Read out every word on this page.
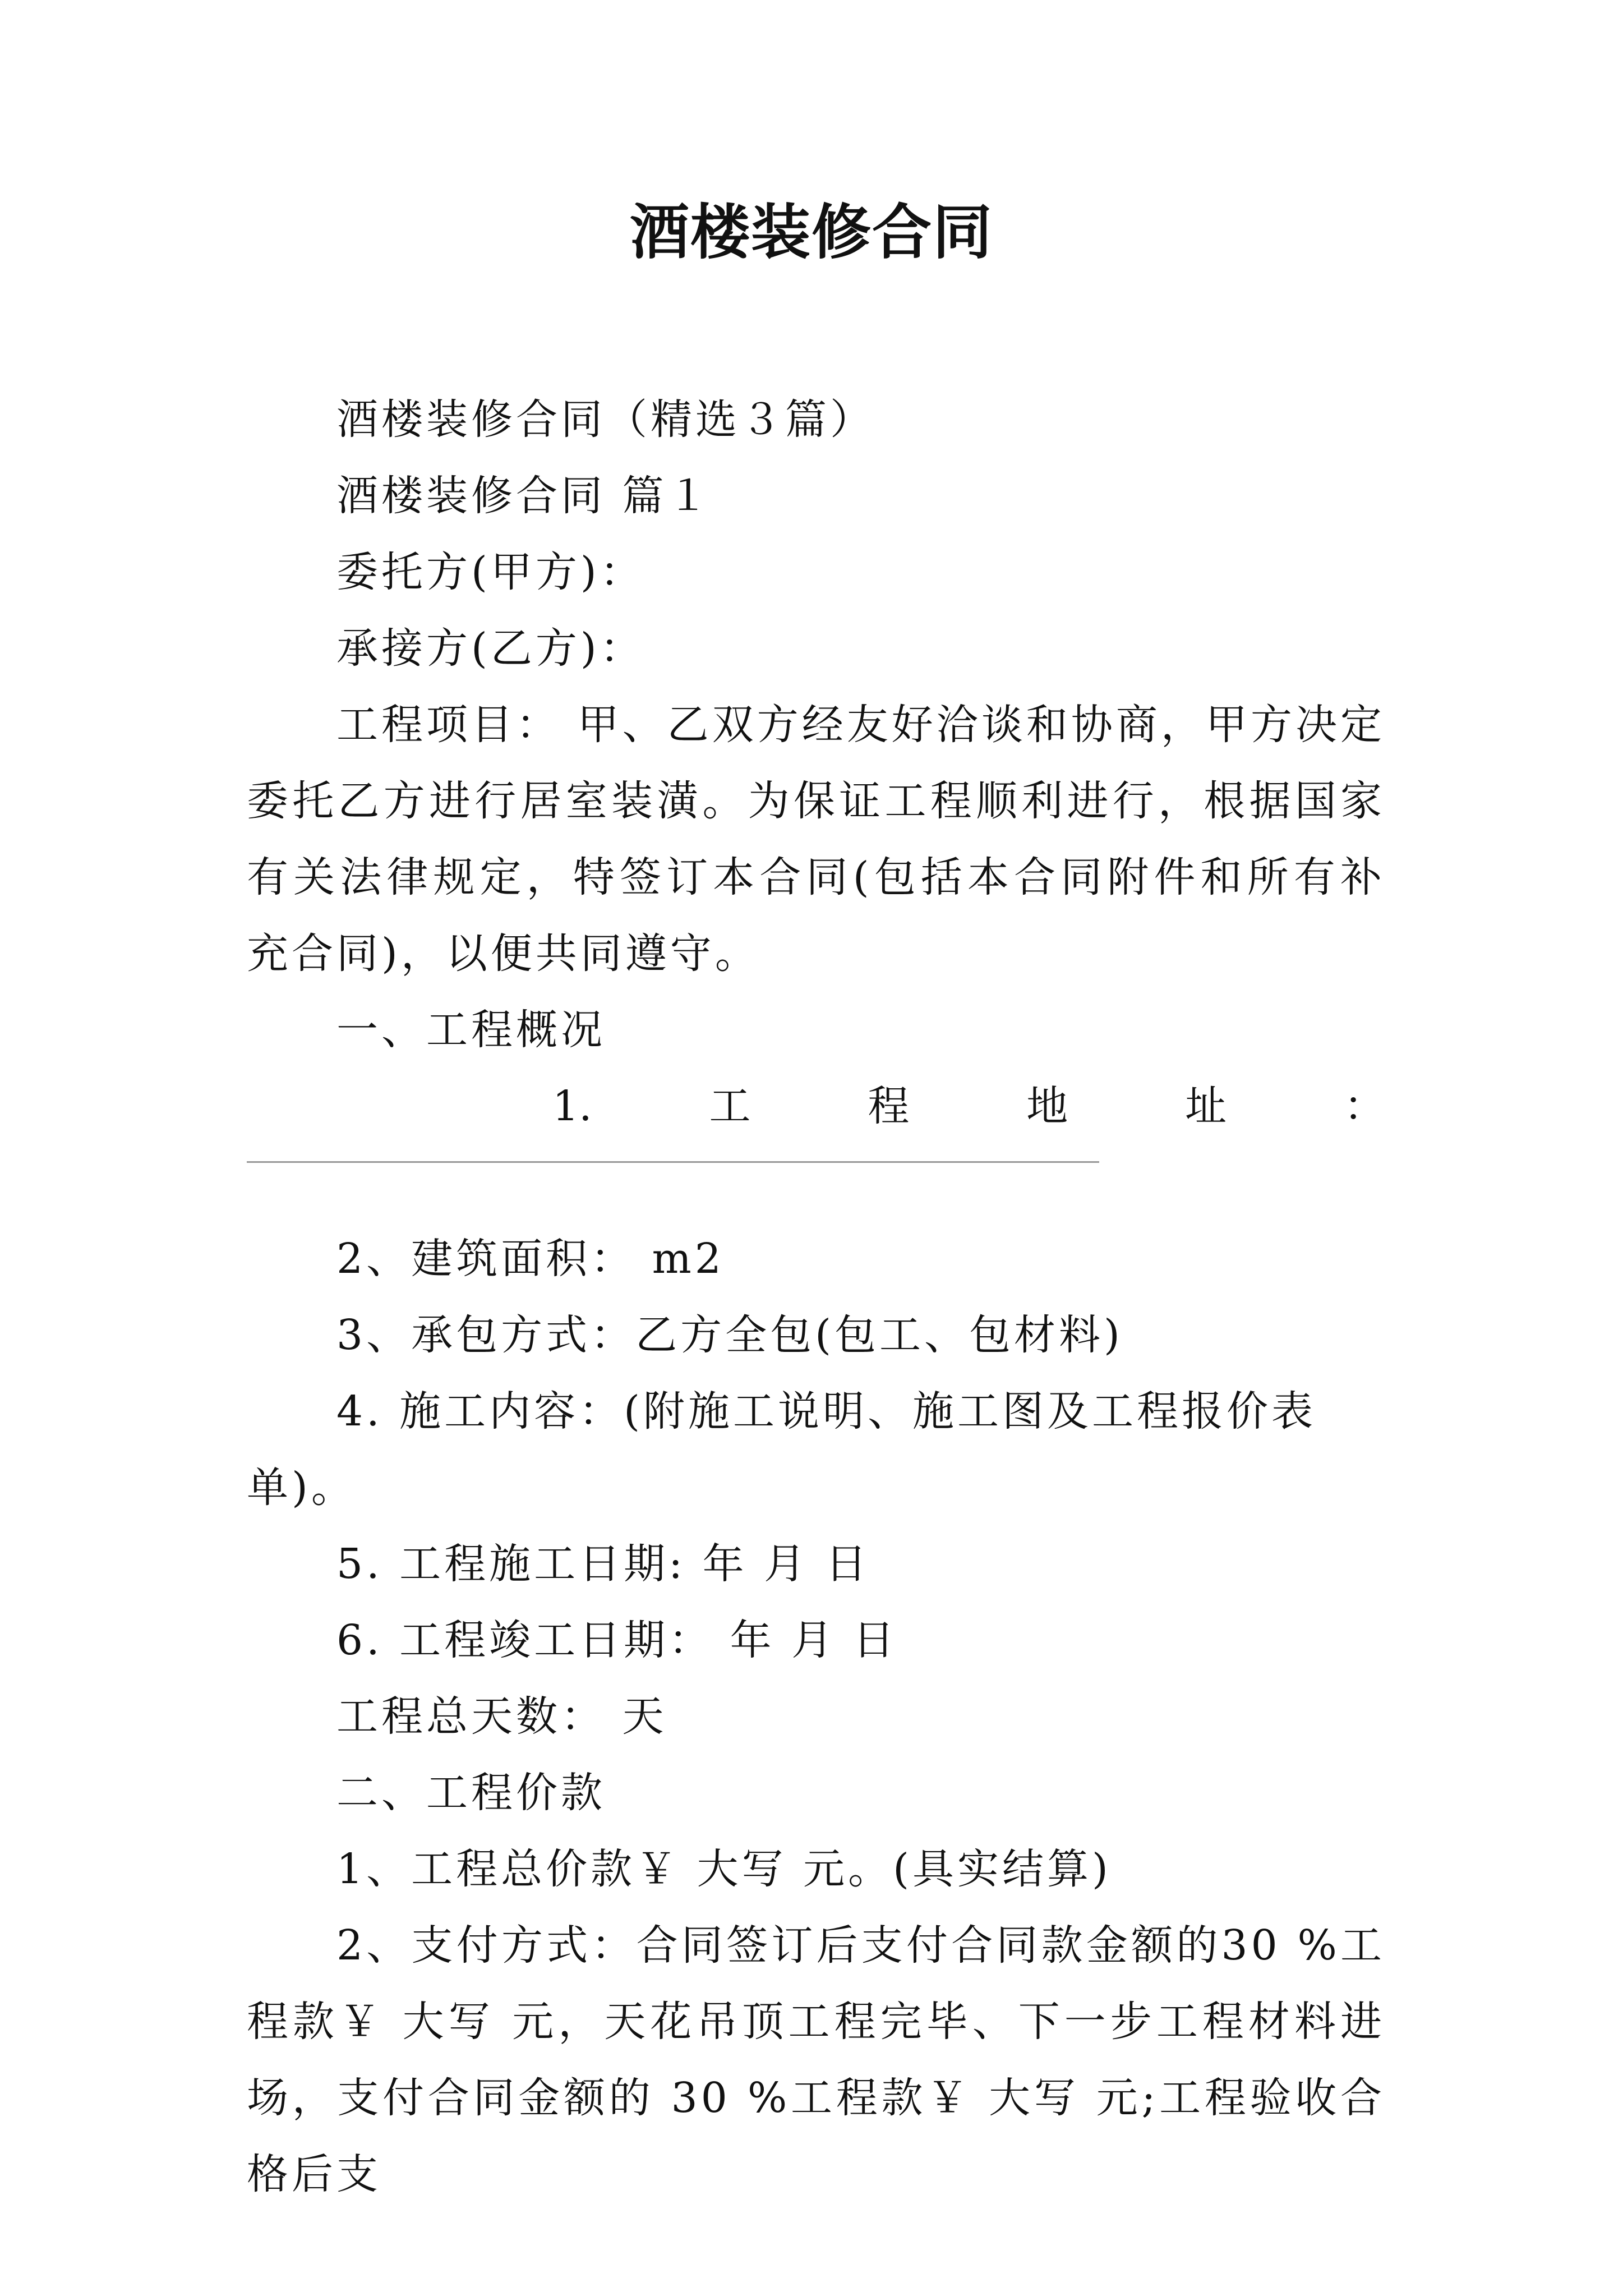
酒楼装修合同

酒楼装修合同（精选３篇）

酒楼装修合同 篇１

委托方(甲方)：

承接方(乙方)：

工程项目： 甲、乙双方经友好洽谈和协商，甲方决定委托乙方进行居室装潢。为保证工程顺利进行，根据国家有关法律规定，特签订本合同(包括本合同附件和所有补充合同)，以便共同遵守。

一、工程概况

1.	工	程	地	址	：

2、建筑面积： m2

3、承包方式：乙方全包(包工、包材料)

4. 施工内容：(附施工说明、施工图及工程报价表单)。

5. 工程施工日期: 年 月 日

6. 工程竣工日期： 年 月 日

工程总天数： 天

二、工程价款

1、工程总价款￥ 大写 元。(具实结算)

2、支付方式：合同签订后支付合同款金额的30 %工程款￥ 大写 元，天花吊顶工程完毕、下一步工程材料进场，支付合同金额的 30 %工程款￥ 大写 元;工程验收合格后支
